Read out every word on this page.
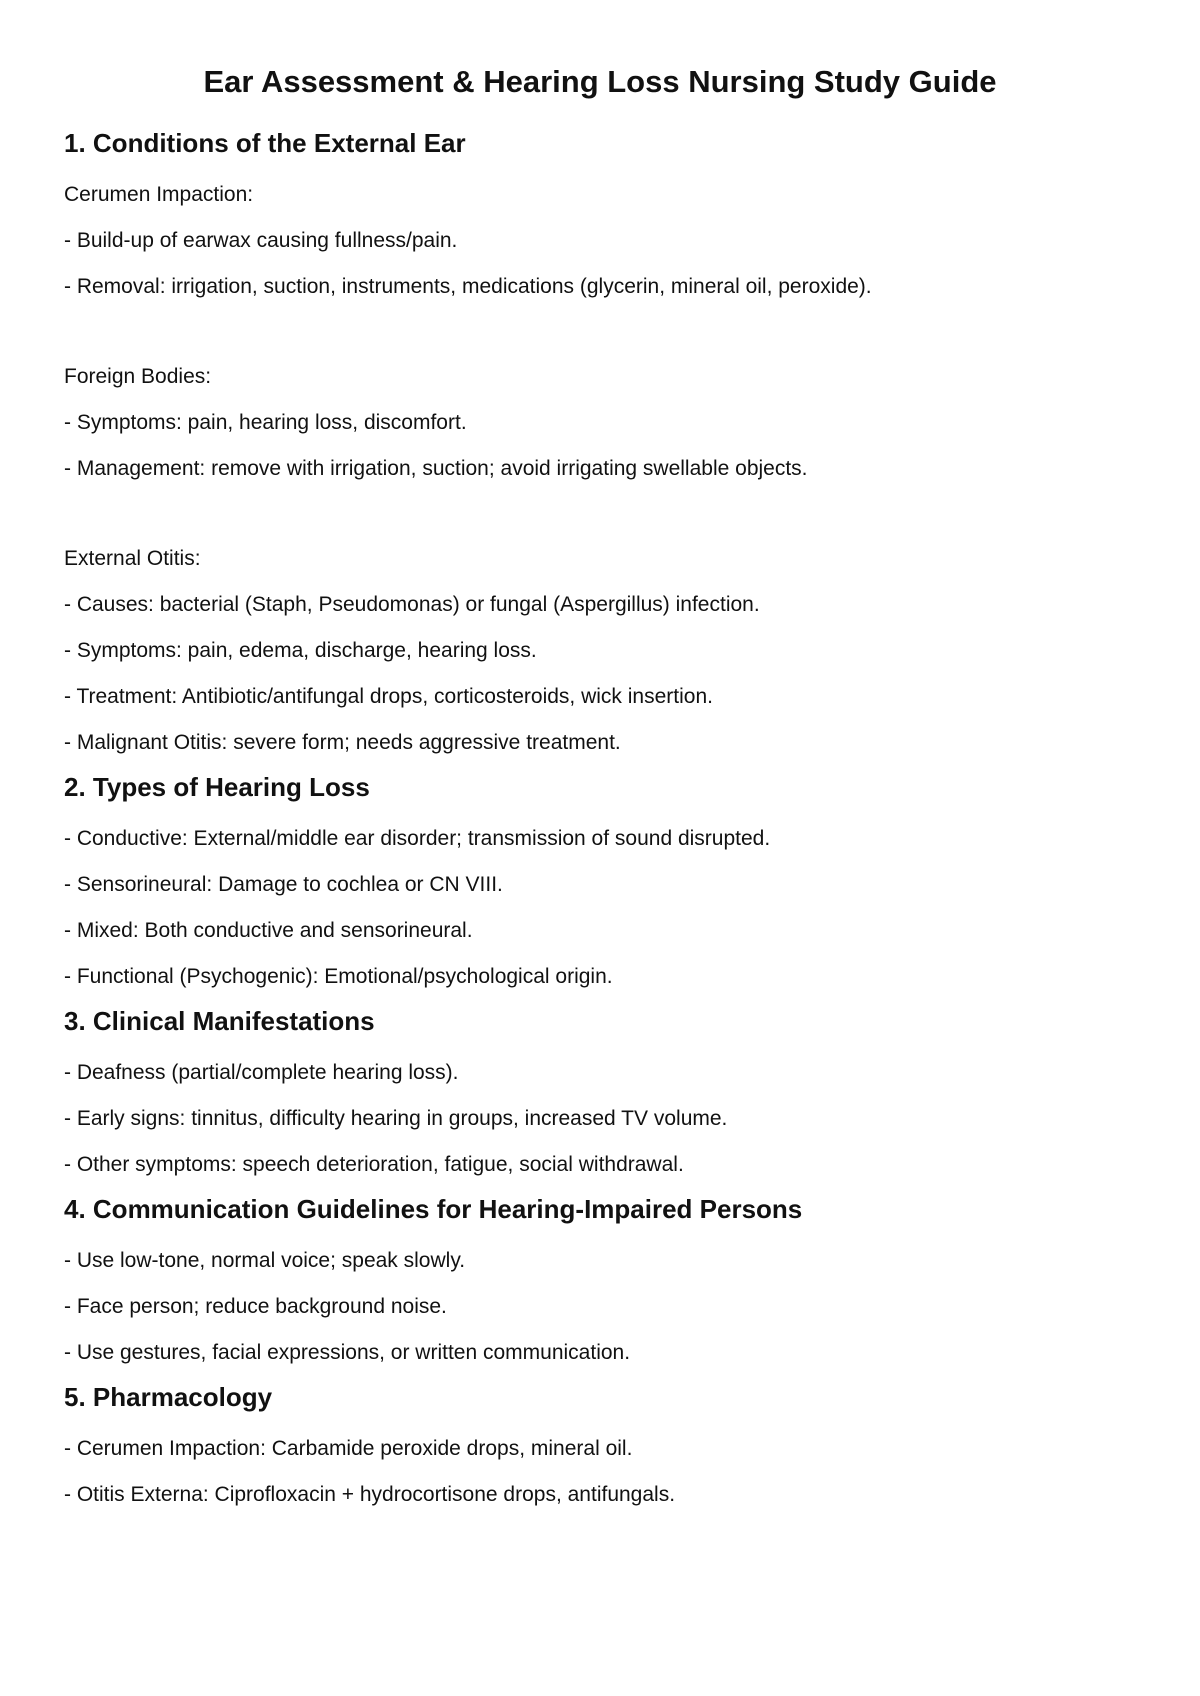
Ear Assessment & Hearing Loss Nursing Study Guide
1. Conditions of the External Ear

Cerumen Impaction:

- Build-up of earwax causing fullness/pain.

- Removal: irrigation, suction, instruments, medications (glycerin, mineral oil, peroxide).

Foreign Bodies:

- Symptoms: pain, hearing loss, discomfort.

- Management: remove with irrigation, suction; avoid irrigating swellable objects.

External Otitis:

- Causes: bacterial (Staph, Pseudomonas) or fungal (Aspergillus) infection.

- Symptoms: pain, edema, discharge, hearing loss.

- Treatment: Antibiotic/antifungal drops, corticosteroids, wick insertion.

- Malignant Otitis: severe form; needs aggressive treatment.

2. Types of Hearing Loss

- Conductive: External/middle ear disorder; transmission of sound disrupted.

- Sensorineural: Damage to cochlea or CN VIII.

- Mixed: Both conductive and sensorineural.

- Functional (Psychogenic): Emotional/psychological origin.

3. Clinical Manifestations

- Deafness (partial/complete hearing loss).

- Early signs: tinnitus, difficulty hearing in groups, increased TV volume.

- Other symptoms: speech deterioration, fatigue, social withdrawal.

4. Communication Guidelines for Hearing-Impaired Persons

- Use low-tone, normal voice; speak slowly.

- Face person; reduce background noise.

- Use gestures, facial expressions, or written communication.

5. Pharmacology

- Cerumen Impaction: Carbamide peroxide drops, mineral oil.

- Otitis Externa: Ciprofloxacin + hydrocortisone drops, antifungals.
